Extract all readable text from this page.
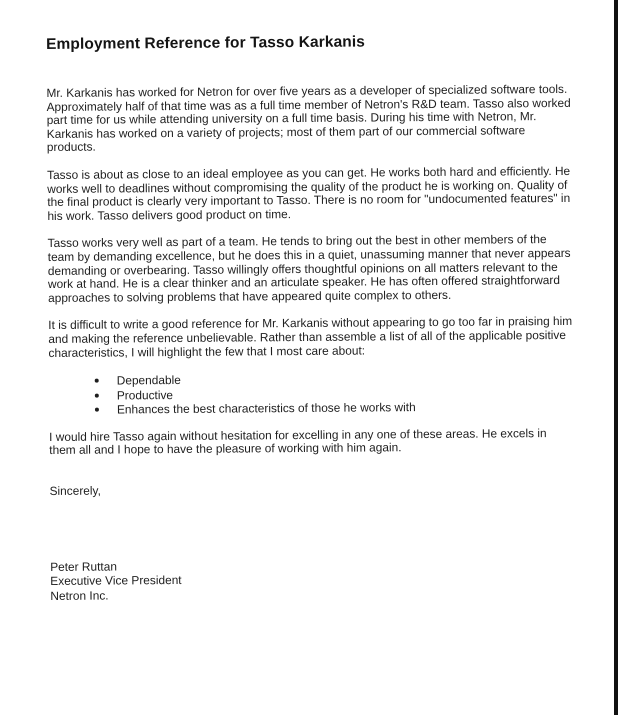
Employment Reference for Tasso Karkanis

Mr. Karkanis has worked for Netron for over five years as a developer of specialized software tools. Approximately half of that time was as a full time member of Netron's R&D team. Tasso also worked part time for us while attending university on a full time basis. During his time with Netron, Mr. Karkanis has worked on a variety of projects; most of them part of our commercial software products.

Tasso is about as close to an ideal employee as you can get. He works both hard and efficiently. He works well to deadlines without compromising the quality of the product he is working on. Quality of the final product is clearly very important to Tasso. There is no room for "undocumented features" in his work. Tasso delivers good product on time.

Tasso works very well as part of a team. He tends to bring out the best in other members of the team by demanding excellence, but he does this in a quiet, unassuming manner that never appears demanding or overbearing. Tasso willingly offers thoughtful opinions on all matters relevant to the work at hand. He is a clear thinker and an articulate speaker. He has often offered straightforward approaches to solving problems that have appeared quite complex to others.

It is difficult to write a good reference for Mr. Karkanis without appearing to go too far in praising him and making the reference unbelievable. Rather than assemble a list of all of the applicable positive characteristics, I will highlight the few that I most care about:

Dependable
Productive
Enhances the best characteristics of those he works with

I would hire Tasso again without hesitation for excelling in any one of these areas. He excels in them all and I hope to have the pleasure of working with him again.

Sincerely,
Peter Ruttan
Executive Vice President
Netron Inc.
